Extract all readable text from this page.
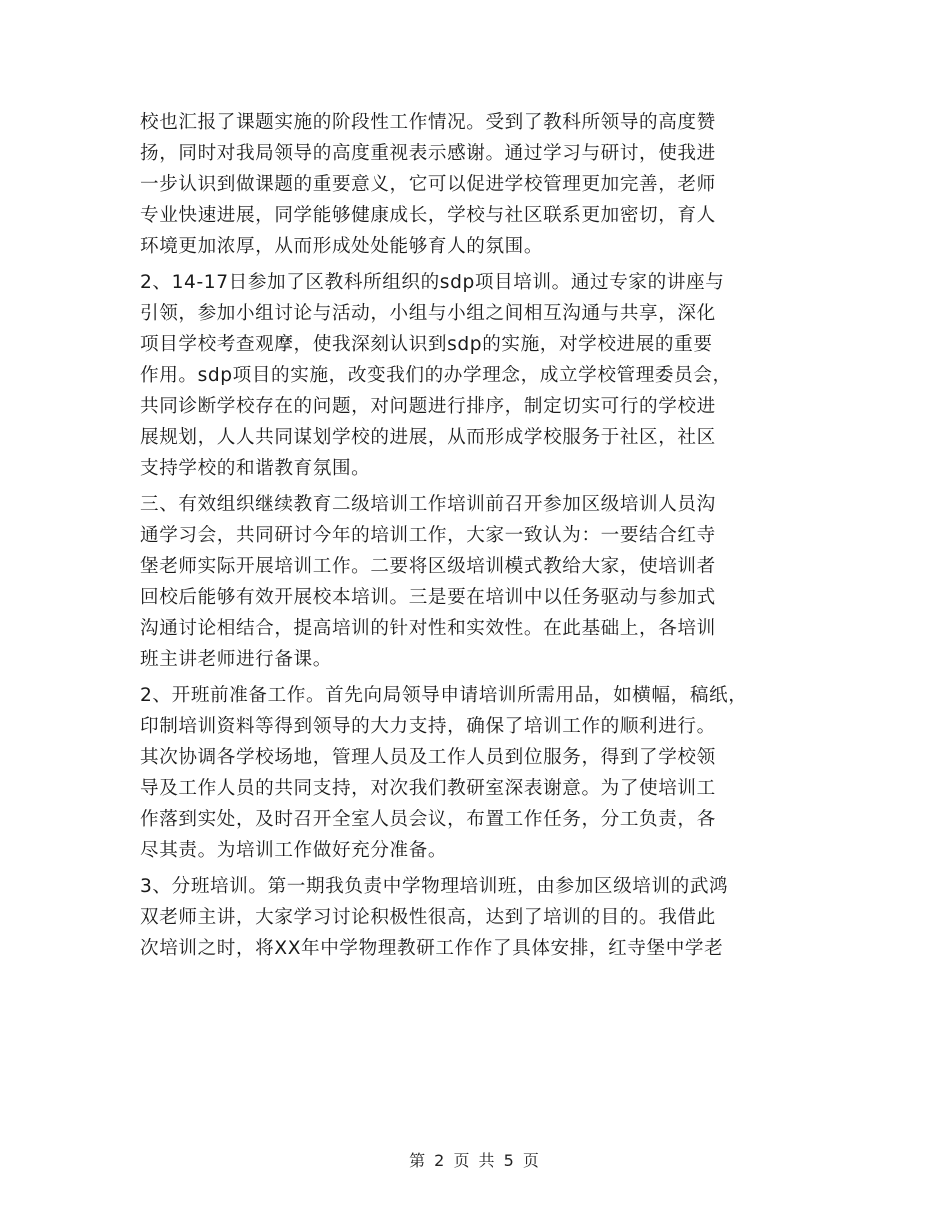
校也汇报了课题实施的阶段性工作情况。受到了教科所领导的高度赞
扬，同时对我局领导的高度重视表示感谢。通过学习与研讨，使我进
一步认识到做课题的重要意义，它可以促进学校管理更加完善，老师
专业快速进展，同学能够健康成长，学校与社区联系更加密切，育人
环境更加浓厚，从而形成处处能够育人的氛围。
2、14-17日参加了区教科所组织的sdp项目培训。通过专家的讲座与
引领，参加小组讨论与活动，小组与小组之间相互沟通与共享，深化
项目学校考查观摩，使我深刻认识到sdp的实施，对学校进展的重要
作用。sdp项目的实施，改变我们的办学理念，成立学校管理委员会，
共同诊断学校存在的问题，对问题进行排序，制定切实可行的学校进
展规划，人人共同谋划学校的进展，从而形成学校服务于社区，社区
支持学校的和谐教育氛围。
三、有效组织继续教育二级培训工作培训前召开参加区级培训人员沟
通学习会，共同研讨今年的培训工作，大家一致认为：一要结合红寺
堡老师实际开展培训工作。二要将区级培训模式教给大家，使培训者
回校后能够有效开展校本培训。三是要在培训中以任务驱动与参加式
沟通讨论相结合，提高培训的针对性和实效性。在此基础上，各培训
班主讲老师进行备课。
2、开班前准备工作。首先向局领导申请培训所需用品，如横幅，稿纸，
印制培训资料等得到领导的大力支持，确保了培训工作的顺利进行。
其次协调各学校场地，管理人员及工作人员到位服务，得到了学校领
导及工作人员的共同支持，对次我们教研室深表谢意。为了使培训工
作落到实处，及时召开全室人员会议，布置工作任务，分工负责，各
尽其责。为培训工作做好充分准备。
3、分班培训。第一期我负责中学物理培训班，由参加区级培训的武鸿
双老师主讲，大家学习讨论积极性很高，达到了培训的目的。我借此
次培训之时，将XX年中学物理教研工作作了具体安排，红寺堡中学老
第 2 页 共 5 页
